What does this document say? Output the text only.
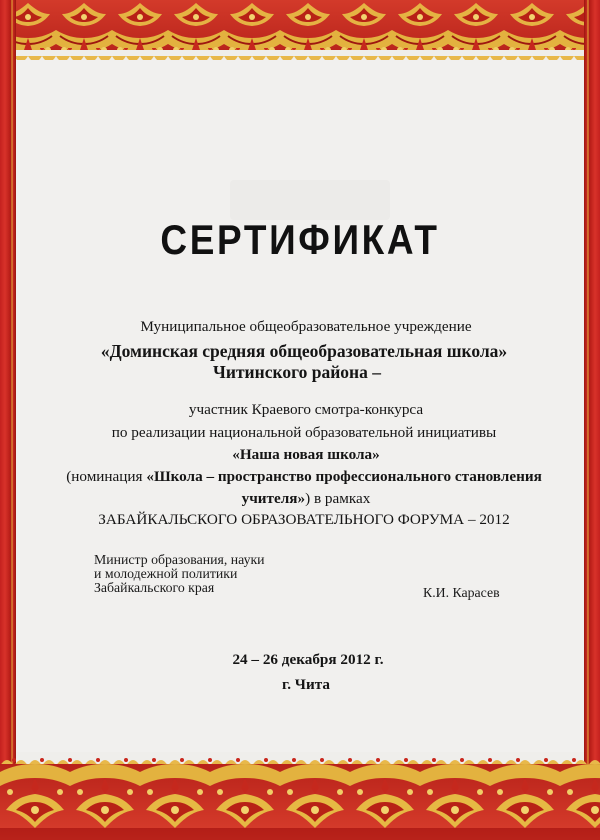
СЕРТИФИКАТ
Муниципальное общеобразовательное учреждение
«Доминская средняя общеобразовательная школа»
Читинского района –
участник Краевого смотра-конкурса
по реализации национальной образовательной инициативы
«Наша новая школа»
(номинация «Школа – пространство профессионального становления
учителя») в рамках
ЗАБАЙКАЛЬСКОГО ОБРАЗОВАТЕЛЬНОГО ФОРУМА – 2012
Министр образования, науки
и молодежной политики
Забайкальского края	К.И. Карасев
24 – 26 декабря 2012 г.
г. Чита
